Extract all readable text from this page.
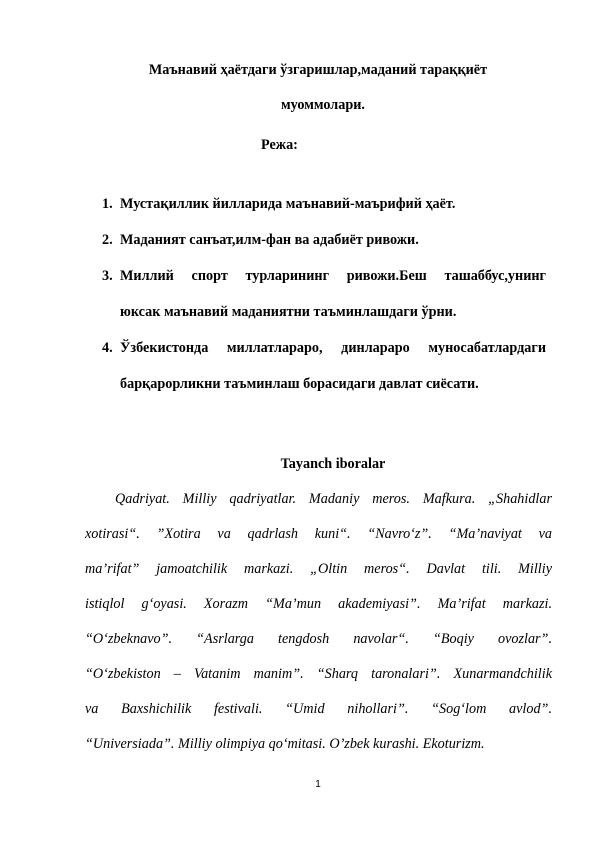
Маънавий ҳаётдаги ўзгаришлар,маданий тараққиёт
муоммолари.
Режа:
1. Мустақиллик йилларида маънавий-маърифий ҳаёт.
2. Маданият санъат,илм-фан ва адабиёт ривожи.
3. Миллий спорт турларининг ривожи.Беш ташаббус,унинг
юксак маънавий маданиятни таъминлашдаги ўрни.
4. Ўзбекистонда миллатлараро, динлараро муносабатлардаги
барқарорликни таъминлаш борасидаги давлат сиёсати.
Tayanch iboralar
Qadriyat. Milliy qadriyatlar. Madaniy meros. Mafkura. „Shahidlar
xotirasi“. ”Xotira va qadrlash kuni“. “Navro‘z”. “Ma’naviyat va
ma’rifat” jamoatchilik markazi. „Oltin meros“. Davlat tili. Milliy
istiqlol g‘oyasi. Xorazm “Ma’mun akademiyasi”. Ma’rifat markazi.
“O‘zbeknavo”. “Asrlarga tengdosh navolar“. “Boqiy ovozlar”.
“O‘zbekiston – Vatanim manim”. “Sharq taronalari”. Xunarmandchilik
va Baxshichilik festivali. “Umid nihollari”. “Sog‘lom avlod”.
“Universiada”. Milliy olimpiya qo‘mitasi. O’zbek kurashi. Ekoturizm.
1
